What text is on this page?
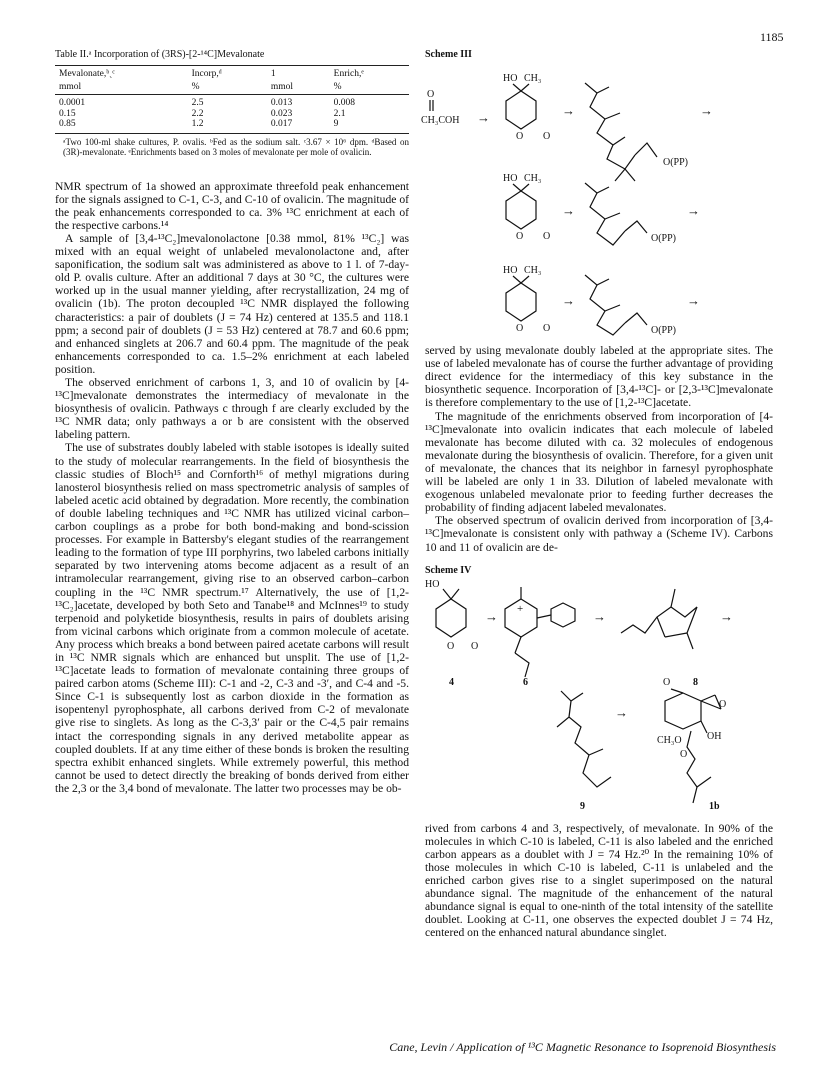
1185
Table II.ᵃ Incorporation of (3RS)-[2-¹⁴C]Mevalonate
Mevalonate,ᵇˎᶜ	Incorp,ᵈ	1	Enrich,ᵉ
mmol	%	mmol	%
0.0001	2.5	0.013	0.008
0.15	2.2	0.023	2.1
0.85	1.2	0.017	9
ᵃTwo 100-ml shake cultures, P. ovalis. ᵇFed as the sodium salt. ᶜ3.67 × 10⁶ dpm. ᵈBased on (3R)-mevalonate. ᵉEnrichments based on 3 moles of mevalonate per mole of ovalicin.

NMR spectrum of 1a showed an approximate threefold peak enhancement for the signals assigned to C-1, C-3, and C-10 of ovalicin. The magnitude of the peak enhancements corresponded to ca. 3% ¹³C enrichment at each of the respective carbons.¹⁴

A sample of [3,4-¹³C₂]mevalonolactone [0.38 mmol, 81% ¹³C₂] was mixed with an equal weight of unlabeled mevalonolactone and, after saponification, the sodium salt was administered as above to 1 l. of 7-day-old P. ovalis culture. After an additional 7 days at 30 °C, the cultures were worked up in the usual manner yielding, after recrystallization, 24 mg of ovalicin (1b). The proton decoupled ¹³C NMR displayed the following characteristics: a pair of doublets (J = 74 Hz) centered at 135.5 and 118.1 ppm; a second pair of doublets (J = 53 Hz) centered at 78.7 and 60.6 ppm; and enhanced singlets at 206.7 and 60.4 ppm. The magnitude of the peak enhancements corresponded to ca. 1.5–2% enrichment at each labeled position.

The observed enrichment of carbons 1, 3, and 10 of ovalicin by [4-¹³C]mevalonate demonstrates the intermediacy of mevalonate in the biosynthesis of ovalicin. Pathways c through f are clearly excluded by the ¹³C NMR data; only pathways a or b are consistent with the observed labeling pattern.

The use of substrates doubly labeled with stable isotopes is ideally suited to the study of molecular rearrangements. In the field of biosynthesis the classic studies of Bloch¹⁵ and Cornforth¹⁶ of methyl migrations during lanosterol biosynthesis relied on mass spectrometric analysis of samples of labeled acetic acid obtained by degradation. More recently, the combination of double labeling techniques and ¹³C NMR has utilized vicinal carbon–carbon couplings as a probe for both bond-making and bond-scission processes. For example in Battersby's elegant studies of the rearrangement leading to the formation of type III porphyrins, two labeled carbons initially separated by two intervening atoms become adjacent as a result of an intramolecular rearrangement, giving rise to an observed carbon–carbon coupling in the ¹³C NMR spectrum.¹⁷ Alternatively, the use of [1,2-¹³C₂]acetate, developed by both Seto and Tanabe¹⁸ and McInnes¹⁹ to study terpenoid and polyketide biosynthesis, results in pairs of doublets arising from vicinal carbons which originate from a common molecule of acetate. Any process which breaks a bond between paired acetate carbons will result in ¹³C NMR signals which are enhanced but unsplit. The use of [1,2-¹³C]acetate leads to formation of mevalonate containing three groups of paired carbon atoms (Scheme III): C-1 and -2, C-3 and -3′, and C-4 and -5. Since C-1 is subsequently lost as carbon dioxide in the formation as isopentenyl pyrophosphate, all carbons derived from C-2 of mevalonate give rise to singlets. As long as the C-3,3′ pair or the C-4,5 pair remains intact the corresponding signals in any derived metabolite appear as coupled doublets. If at any time either of these bonds is broken the resulting spectra exhibit enhanced singlets. While extremely powerful, this method cannot be used to detect directly the breaking of bonds derived from either the 2,3 or the 3,4 bond of mevalonate. The latter two processes may be ob-

Scheme III
O
CH₃COH →
HO CH₃
O O
→
O(PP)
→
HO CH₃
O O
→
O(PP)
→
HO CH₃
O O
→
O(PP)
→

served by using mevalonate doubly labeled at the appropriate sites. The use of labeled mevalonate has of course the further advantage of providing direct evidence for the intermediacy of this key substance in the biosynthetic sequence. Incorporation of [3,4-¹³C]- or [2,3-¹³C]mevalonate is therefore complementary to the use of [1,2-¹³C]acetate.

The magnitude of the enrichments observed from incorporation of [4-¹³C]mevalonate into ovalicin indicates that each molecule of labeled mevalonate has become diluted with ca. 32 molecules of endogenous mevalonate during the biosynthesis of ovalicin. Therefore, for a given unit of mevalonate, the chances that its neighbor in farnesyl pyrophosphate will be labeled are only 1 in 33. Dilution of labeled mevalonate with exogenous unlabeled mevalonate prior to feeding further decreases the probability of finding adjacent labeled mevalonates.

The observed spectrum of ovalicin derived from incorporation of [3,4-¹³C]mevalonate is consistent only with pathway a (Scheme IV). Carbons 10 and 11 of ovalicin are de-

Scheme IV
HO
O O
4
→ +
6
→
8
→
9
→
O
CH₃O
O
OH
O
1b

rived from carbons 4 and 3, respectively, of mevalonate. In 90% of the molecules in which C-10 is labeled, C-11 is also labeled and the enriched carbon appears as a doublet with J = 74 Hz.²⁰ In the remaining 10% of those molecules in which C-10 is labeled, C-11 is unlabeled and the enriched carbon gives rise to a singlet superimposed on the natural abundance signal. The magnitude of the enhancement of the natural abundance signal is equal to one-ninth of the total intensity of the satellite doublet. Looking at C-11, one observes the expected doublet J = 74 Hz, centered on the enhanced natural abundance singlet.

Cane, Levin / Application of ¹³C Magnetic Resonance to Isoprenoid Biosynthesis
